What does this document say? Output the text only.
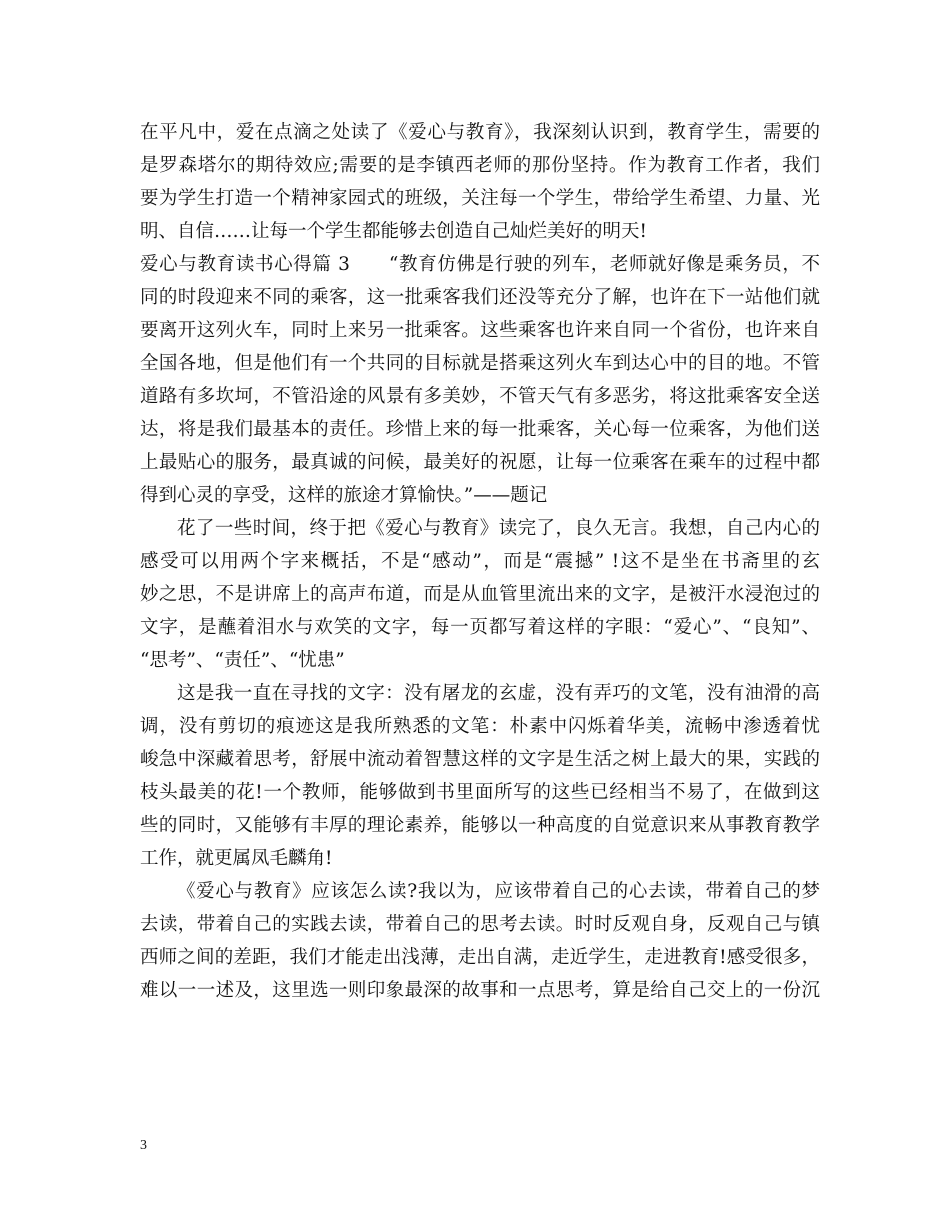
在平凡中，爱在点滴之处读了《爱心与教育》，我深刻认识到，教育学生，需要的
是罗森塔尔的期待效应;需要的是李镇西老师的那份坚持。作为教育工作者，我们
要为学生打造一个精神家园式的班级，关注每一个学生，带给学生希望、力量、光
明、自信……让每一个学生都能够去创造自己灿烂美好的明天!
爱心与教育读书心得篇 3　　“教育仿佛是行驶的列车，老师就好像是乘务员，不
同的时段迎来不同的乘客，这一批乘客我们还没等充分了解，也许在下一站他们就
要离开这列火车，同时上来另一批乘客。这些乘客也许来自同一个省份，也许来自
全国各地，但是他们有一个共同的目标就是搭乘这列火车到达心中的目的地。不管
道路有多坎坷，不管沿途的风景有多美妙，不管天气有多恶劣，将这批乘客安全送
达，将是我们最基本的责任。珍惜上来的每一批乘客，关心每一位乘客，为他们送
上最贴心的服务，最真诚的问候，最美好的祝愿，让每一位乘客在乘车的过程中都
得到心灵的享受，这样的旅途才算愉快。”——题记
花了一些时间，终于把《爱心与教育》读完了，良久无言。我想，自己内心的
感受可以用两个字来概括，不是“感动”，而是“震撼” !这不是坐在书斋里的玄
妙之思，不是讲席上的高声布道，而是从血管里流出来的文字，是被汗水浸泡过的
文字，是蘸着泪水与欢笑的文字，每一页都写着这样的字眼：“爱心”、“良知”、
“思考”、“责任”、“忧患”
这是我一直在寻找的文字：没有屠龙的玄虚，没有弄巧的文笔，没有油滑的高
调，没有剪切的痕迹这是我所熟悉的文笔：朴素中闪烁着华美，流畅中渗透着忧
峻急中深藏着思考，舒展中流动着智慧这样的文字是生活之树上最大的果，实践的
枝头最美的花!一个教师，能够做到书里面所写的这些已经相当不易了，在做到这
些的同时，又能够有丰厚的理论素养，能够以一种高度的自觉意识来从事教育教学
工作，就更属凤毛麟角!
《爱心与教育》应该怎么读?我以为，应该带着自己的心去读，带着自己的梦
去读，带着自己的实践去读，带着自己的思考去读。时时反观自身，反观自己与镇
西师之间的差距，我们才能走出浅薄，走出自满，走近学生，走进教育!感受很多，
难以一一述及，这里选一则印象最深的故事和一点思考，算是给自己交上的一份沉
3
